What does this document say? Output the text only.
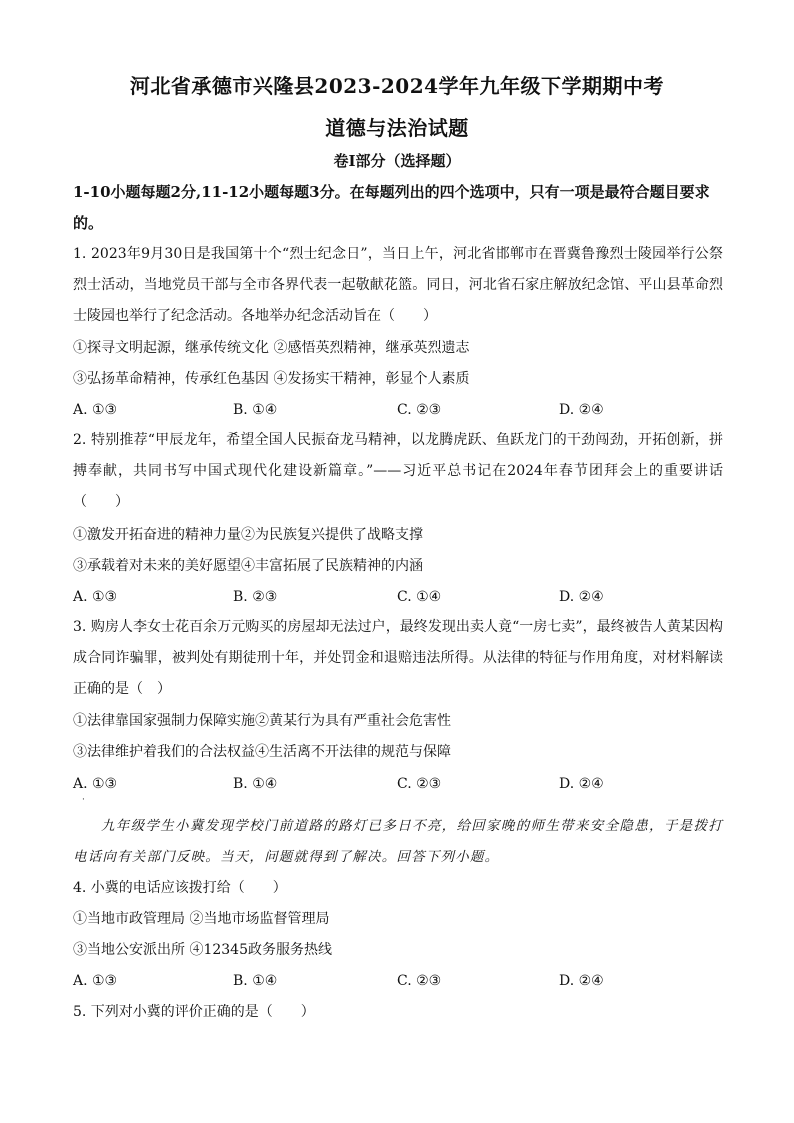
河北省承德市兴隆县2023-2024学年九年级下学期期中考
道德与法治试题
卷Ⅰ部分（选择题）
1-10小题每题2分,11-12小题每题3分。在每题列出的四个选项中，只有一项是最符合题目要求的。
1. 2023年9月30日是我国第十个“烈士纪念日”，当日上午，河北省邯郸市在晋冀鲁豫烈士陵园举行公祭烈士活动，当地党员干部与全市各界代表一起敬献花篮。同日，河北省石家庄解放纪念馆、平山县革命烈士陵园也举行了纪念活动。各地举办纪念活动旨在（　　）
①探寻文明起源，继承传统文化 ②感悟英烈精神，继承英烈遗志
③弘扬革命精神，传承红色基因 ④发扬实干精神，彰显个人素质
A. ①③	B. ①④	C. ②③	D. ②④
2. 特别推荐“甲辰龙年，希望全国人民振奋龙马精神，以龙腾虎跃、鱼跃龙门的干劲闯劲，开拓创新，拼搏奉献，共同书写中国式现代化建设新篇章。”——习近平总书记在2024年春节团拜会上的重要讲话（　　）
①激发开拓奋进的精神力量②为民族复兴提供了战略支撑
③承载着对未来的美好愿望④丰富拓展了民族精神的内涵
A. ①③	B. ②③	C. ①④	D. ②④
3. 购房人李女士花百余万元购买的房屋却无法过户，最终发现出卖人竟“一房七卖”，最终被告人黄某因构成合同诈骗罪，被判处有期徒刑十年，并处罚金和退赔违法所得。从法律的特征与作用角度，对材料解读正确的是（　）
①法律靠国家强制力保障实施②黄某行为具有严重社会危害性
③法律维护着我们的合法权益④生活离不开法律的规范与保障
A. ①③	B. ①④	C. ②③	D. ②④
·
九年级学生小冀发现学校门前道路的路灯已多日不亮，给回家晚的师生带来安全隐患，于是拨打电话向有关部门反映。当天，问题就得到了解决。回答下列小题。
4. 小冀的电话应该拨打给（　　）
①当地市政管理局 ②当地市场监督管理局
③当地公安派出所 ④12345政务服务热线
A. ①③	B. ①④	C. ②③	D. ②④
5. 下列对小冀的评价正确的是（　　）
